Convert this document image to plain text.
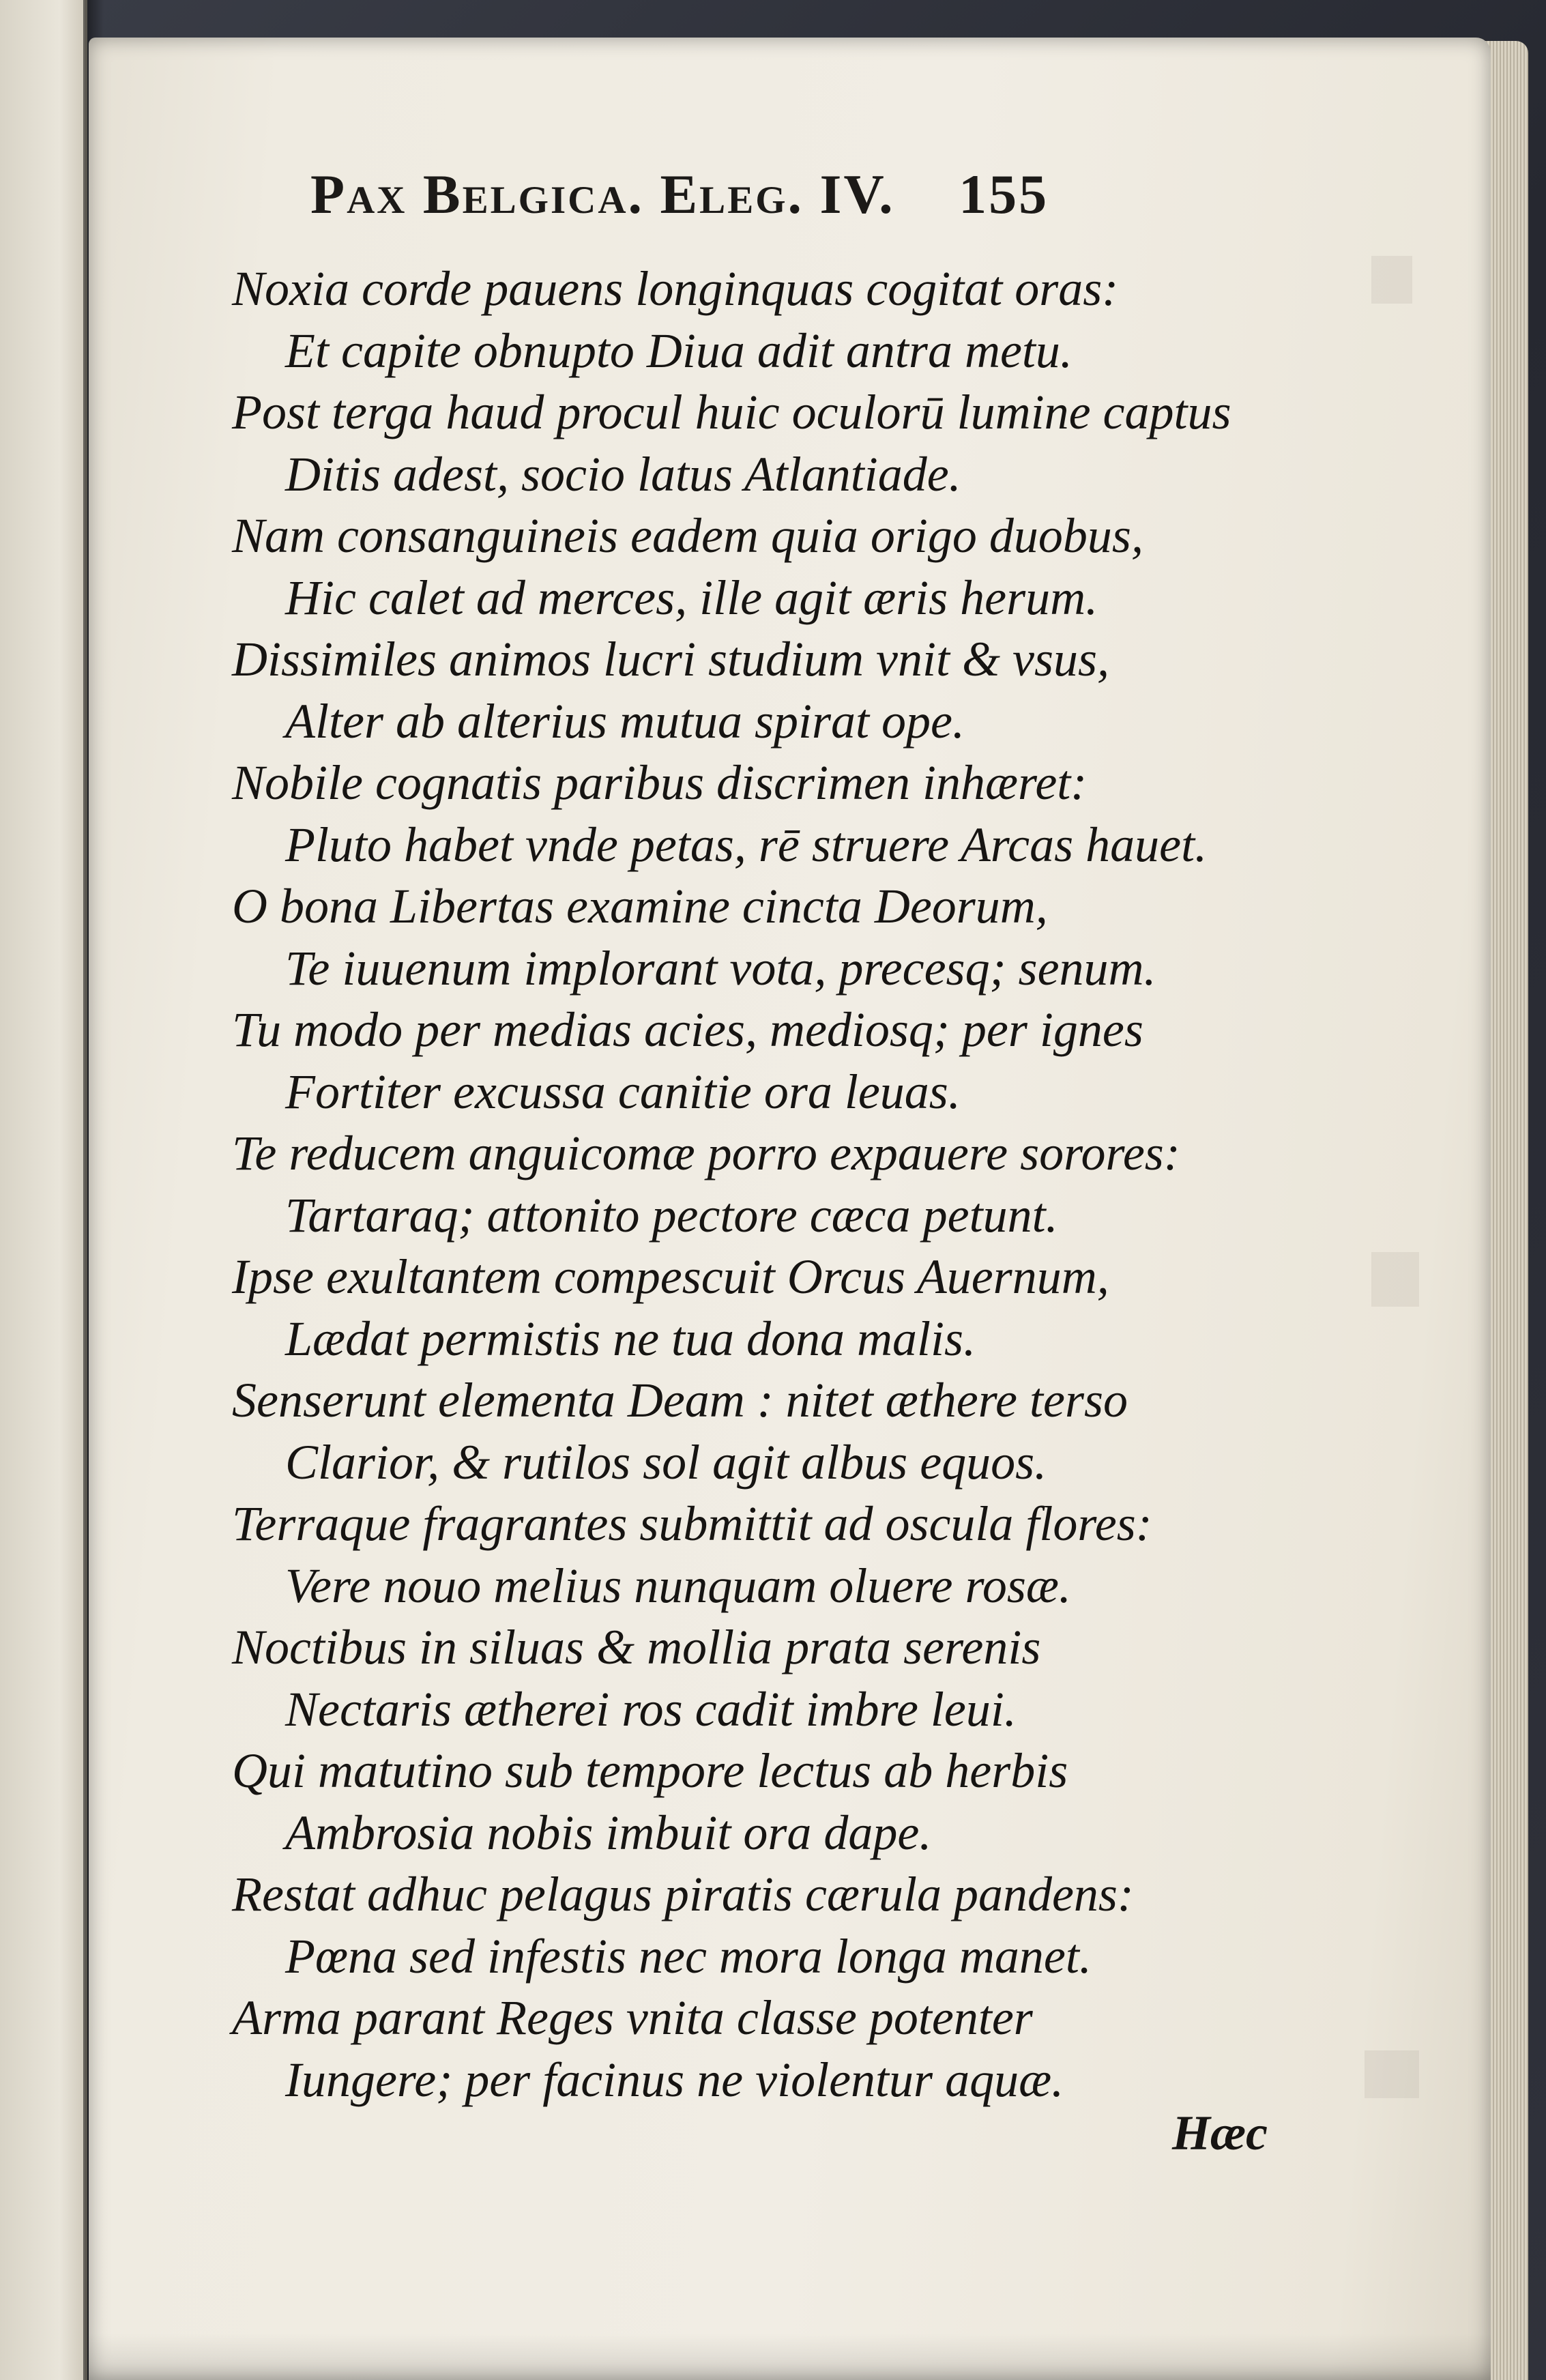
Pax Belgica. Eleg. IV. 155
Noxia corde pauens longinquas cogitat oras:
Et capite obnupto Diua adit antra metu.
Post terga haud procul huic oculorū lumine captus
Ditis adest, socio latus Atlantiade.
Nam consanguineis eadem quia origo duobus,
Hic calet ad merces, ille agit æris herum.
Dissimiles animos lucri studium vnit & vsus,
Alter ab alterius mutua spirat ope.
Nobile cognatis paribus discrimen inhæret:
Pluto habet vnde petas, rē struere Arcas hauet.
O bona Libertas examine cincta Deorum,
Te iuuenum implorant vota, precesq; senum.
Tu modo per medias acies, mediosq; per ignes
Fortiter excussa canitie ora leuas.
Te reducem anguicomæ porro expauere sorores:
Tartaraq; attonito pectore cæca petunt.
Ipse exultantem compescuit Orcus Auernum,
Lædat permistis ne tua dona malis.
Senserunt elementa Deam : nitet æthere terso
Clarior, & rutilos sol agit albus equos.
Terraque fragrantes submittit ad oscula flores:
Vere nouo melius nunquam oluere rosæ.
Noctibus in siluas & mollia prata serenis
Nectaris ætherei ros cadit imbre leui.
Qui matutino sub tempore lectus ab herbis
Ambrosia nobis imbuit ora dape.
Restat adhuc pelagus piratis cærula pandens:
Pœna sed infestis nec mora longa manet.
Arma parant Reges vnita classe potenter
Iungere; per facinus ne violentur aquæ.
Hæc
